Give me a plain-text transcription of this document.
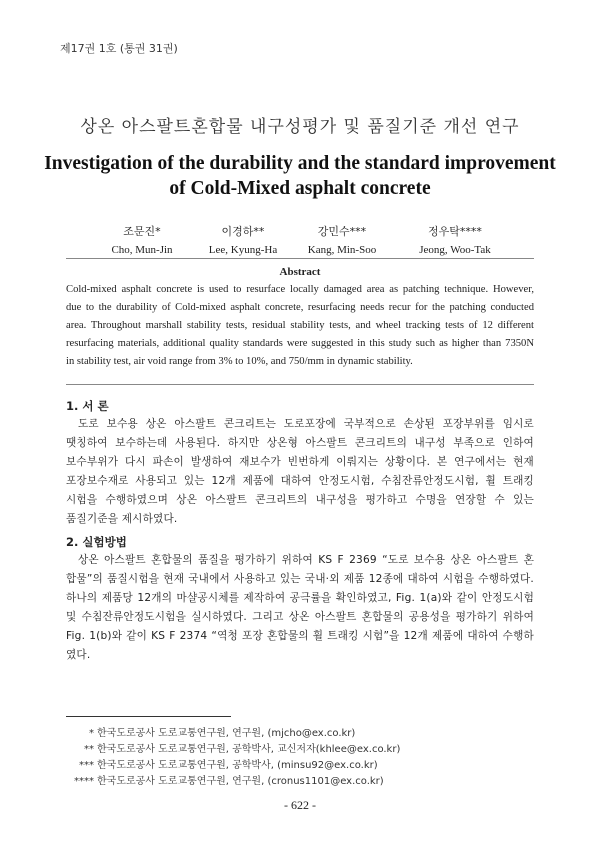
제17권 1호 (통권 31권)
상온 아스팔트혼합물 내구성평가 및 품질기준 개선 연구
Investigation of the durability and the standard improvement
of Cold-Mixed asphalt concrete
조문진*
Cho, Mun-Jin
이경하**
Lee, Kyung-Ha
강민수***
Kang, Min-Soo
정우탁****
Jeong, Woo-Tak
Abstract
Cold-mixed asphalt concrete is used to resurface locally damaged area as patching technique. However,
due to the durability of Cold-mixed asphalt concrete, resurfacing needs recur for the patching conducted
area. Throughout marshall stability tests, residual stability tests, and wheel tracking tests of 12 different
resurfacing materials, additional quality standards were suggested in this study such as higher than 7350N
in stability test, air void range from 3% to 10%, and 750/mm in dynamic stability.
1. 서 론
도로 보수용 상온 아스팔트 콘크리트는 도로포장에 국부적으로 손상된 포장부위를 임시로
땟칭하여 보수하는데 사용된다. 하지만 상온형 아스팔트 콘크리트의 내구성 부족으로 인하여
보수부위가 다시 파손이 발생하여 재보수가 빈번하게 이뤄지는 상황이다. 본 연구에서는 현재
포장보수재로 사용되고 있는 12개 제품에 대하여 안정도시험, 수침잔류안정도시험, 휠 트래킹
시험을 수행하였으며 상온 아스팔트 콘크리트의 내구성을 평가하고 수명을 연장할 수 있는
품질기준을 제시하였다.
2. 실험방법
상온 아스팔트 혼합물의 품질을 평가하기 위하여 KS F 2369 “도로 보수용 상온 아스팔트 혼
합물”의 품질시험을 현재 국내에서 사용하고 있는 국내·외 제품 12종에 대하여 시험을 수행하였다.
하나의 제품당 12개의 마샬공시체를 제작하여 공극률을 확인하였고, Fig. 1(a)와 같이 안정도시험
및 수침잔류안정도시험을 실시하였다. 그리고 상온 아스팔트 혼합물의 공용성을 평가하기 위하여
Fig. 1(b)와 같이 KS F 2374 “역청 포장 혼합물의 휠 트래킹 시험”을 12개 제품에 대하여 수행하
였다.
* 한국도로공사 도로교통연구원, 연구원, (mjcho@ex.co.kr)
** 한국도로공사 도로교통연구원, 공학박사, 교신저자(khlee@ex.co.kr)
*** 한국도로공사 도로교통연구원, 공학박사, (minsu92@ex.co.kr)
**** 한국도로공사 도로교통연구원, 연구원, (cronus1101@ex.co.kr)
- 622 -
